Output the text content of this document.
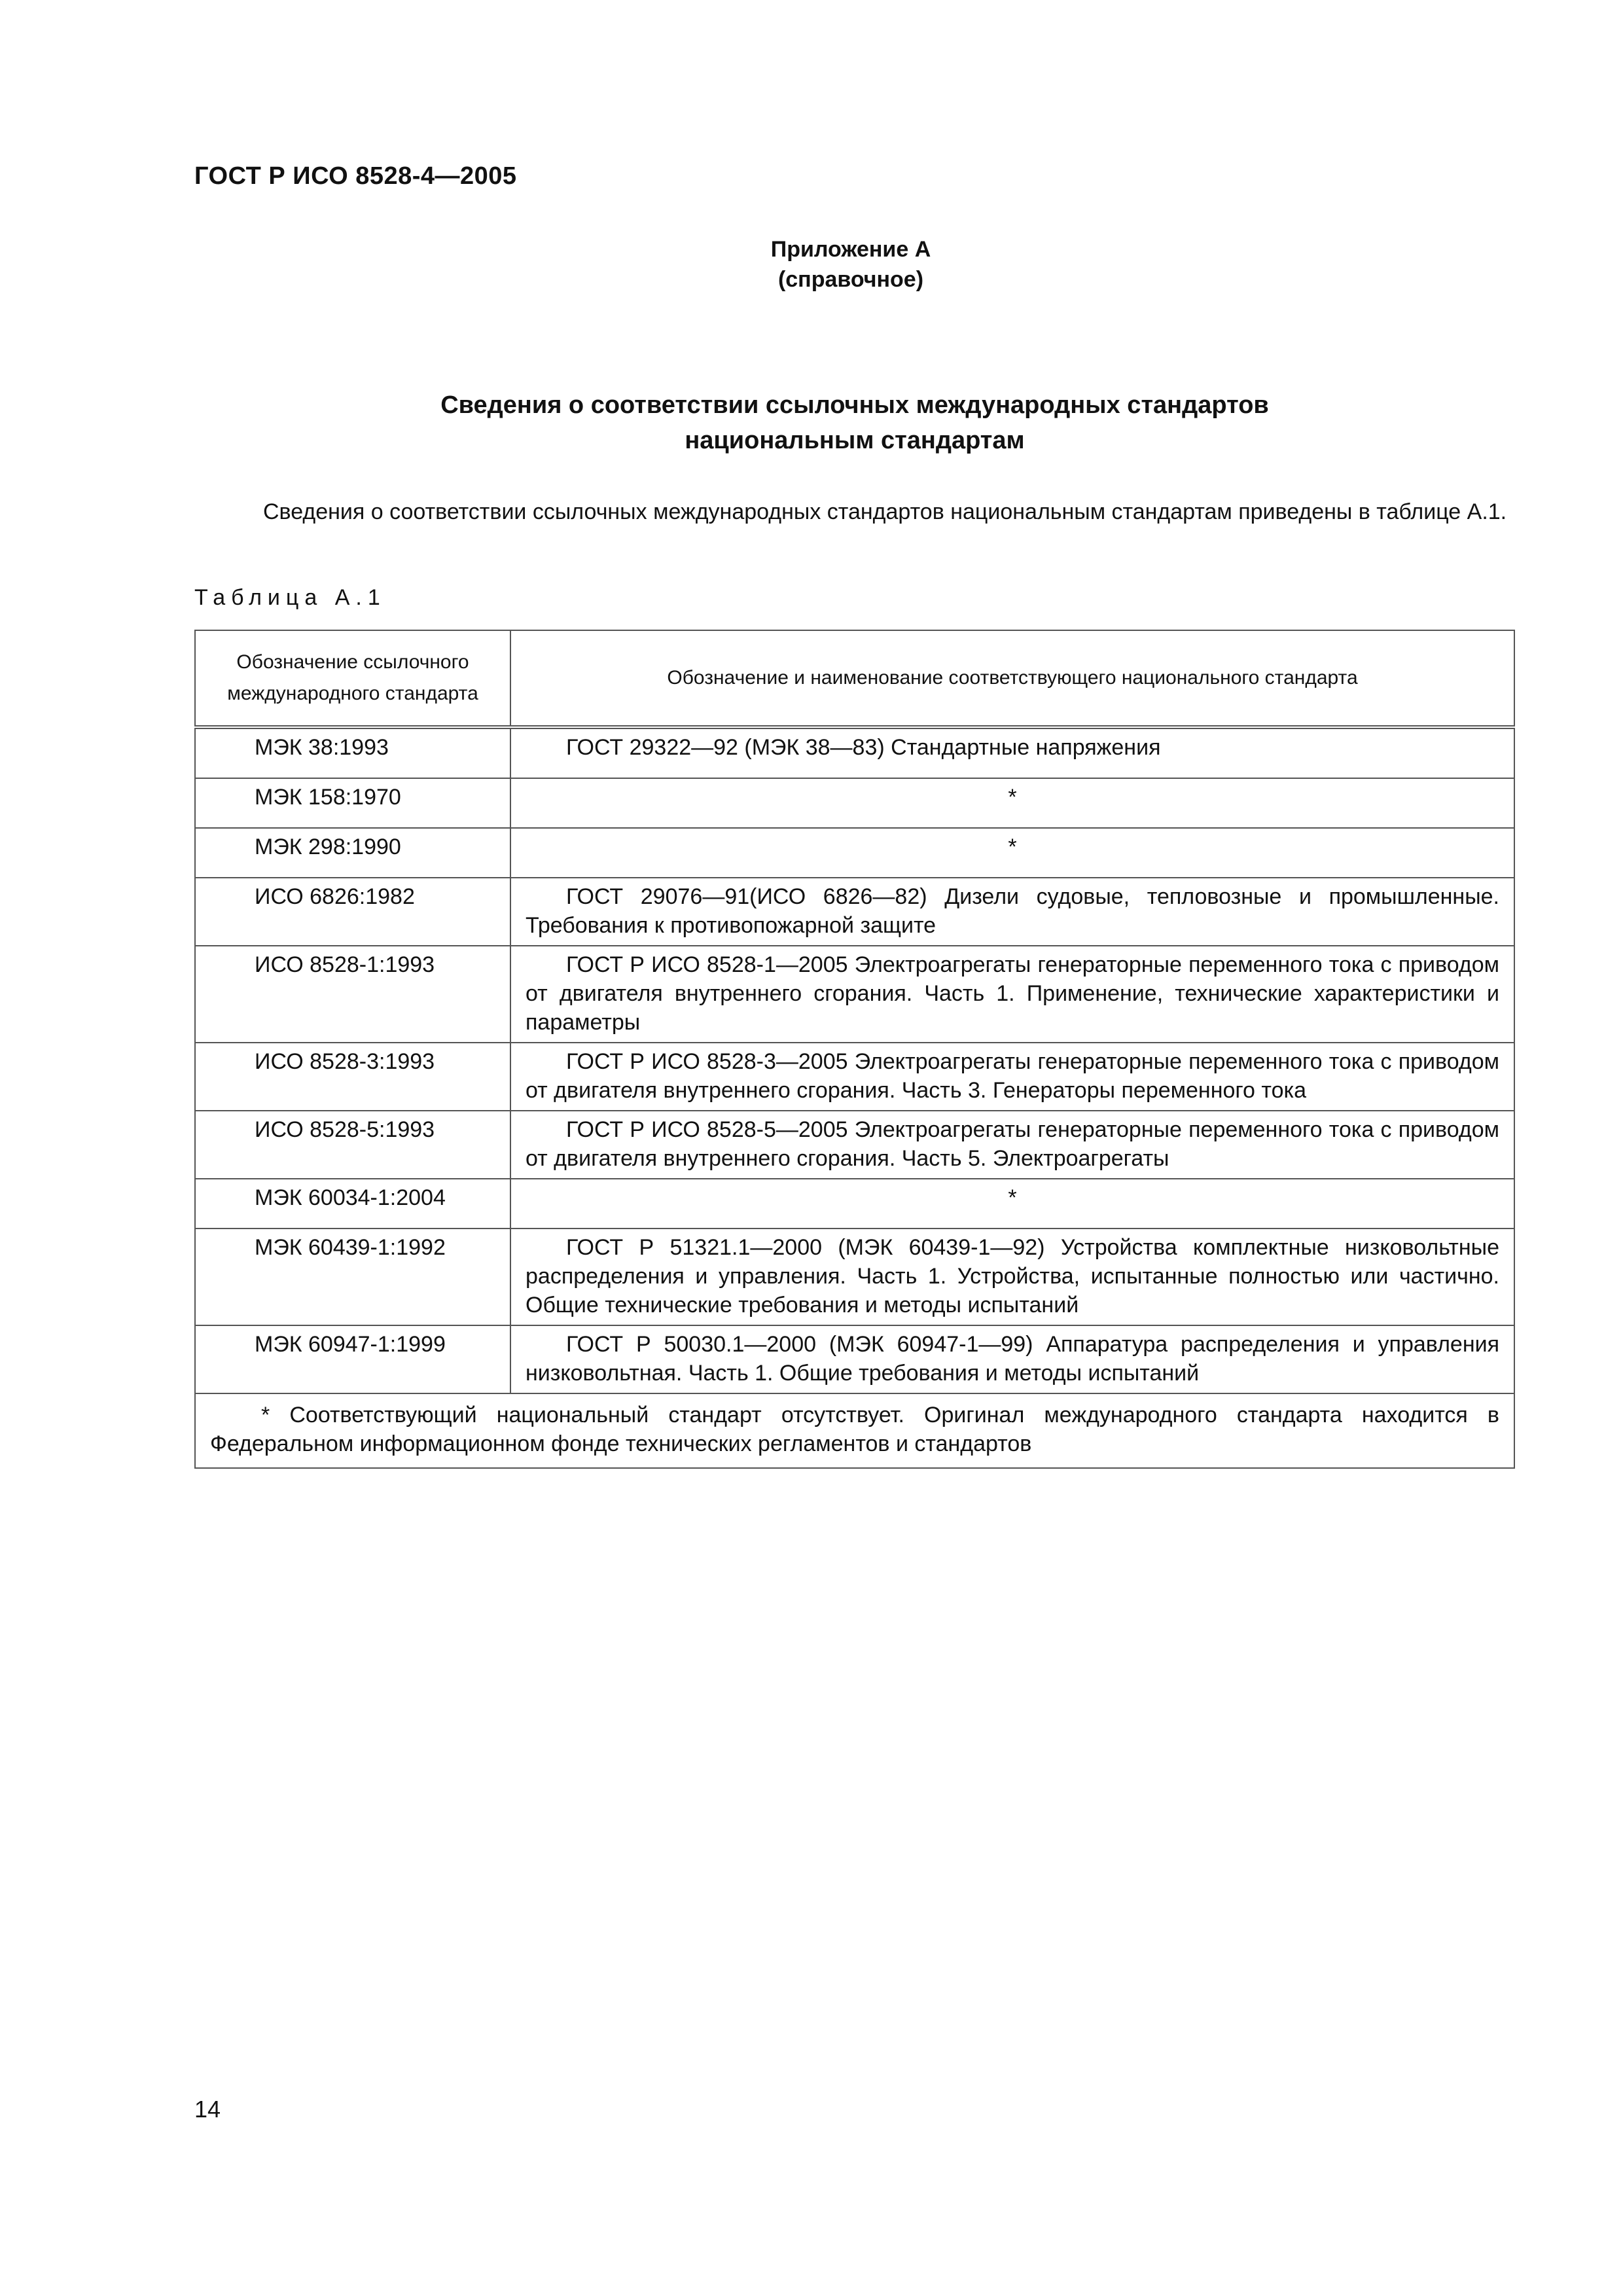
ГОСТ Р ИСО 8528-4—2005
Приложение А
(справочное)
Сведения о соответствии ссылочных международных стандартов
национальным стандартам
Сведения о соответствии ссылочных международных стандартов национальным стандартам приведены в таблице А.1.
Таблица А.1
Обозначение ссылочного международного стандарта	Обозначение и наименование соответствующего национального стандарта
МЭК 38:1993	ГОСТ 29322—92 (МЭК 38—83) Стандартные напряжения
МЭК 158:1970	*
МЭК 298:1990	*
ИСО 6826:1982	ГОСТ 29076—91(ИСО 6826—82) Дизели судовые, тепловозные и промышленные. Требования к противопожарной защите
ИСО 8528-1:1993	ГОСТ Р ИСО 8528-1—2005 Электроагрегаты генераторные переменного тока с приводом от двигателя внутреннего сгорания. Часть 1. Применение, технические характеристики и параметры
ИСО 8528-3:1993	ГОСТ Р ИСО 8528-3—2005 Электроагрегаты генераторные переменного тока с приводом от двигателя внутреннего сгорания. Часть 3. Генераторы переменного тока
ИСО 8528-5:1993	ГОСТ Р ИСО 8528-5—2005 Электроагрегаты генераторные переменного тока с приводом от двигателя внутреннего сгорания. Часть 5. Электроагрегаты
МЭК 60034-1:2004	*
МЭК 60439-1:1992	ГОСТ Р 51321.1—2000 (МЭК 60439-1—92) Устройства комплектные низковольтные распределения и управления. Часть 1. Устройства, испытанные полностью или частично. Общие технические требования и методы испытаний
МЭК 60947-1:1999	ГОСТ Р 50030.1—2000 (МЭК 60947-1—99) Аппаратура распределения и управления низковольтная. Часть 1. Общие требования и методы испытаний
* Соответствующий национальный стандарт отсутствует. Оригинал международного стандарта находится в Федеральном информационном фонде технических регламентов и стандартов	
14
